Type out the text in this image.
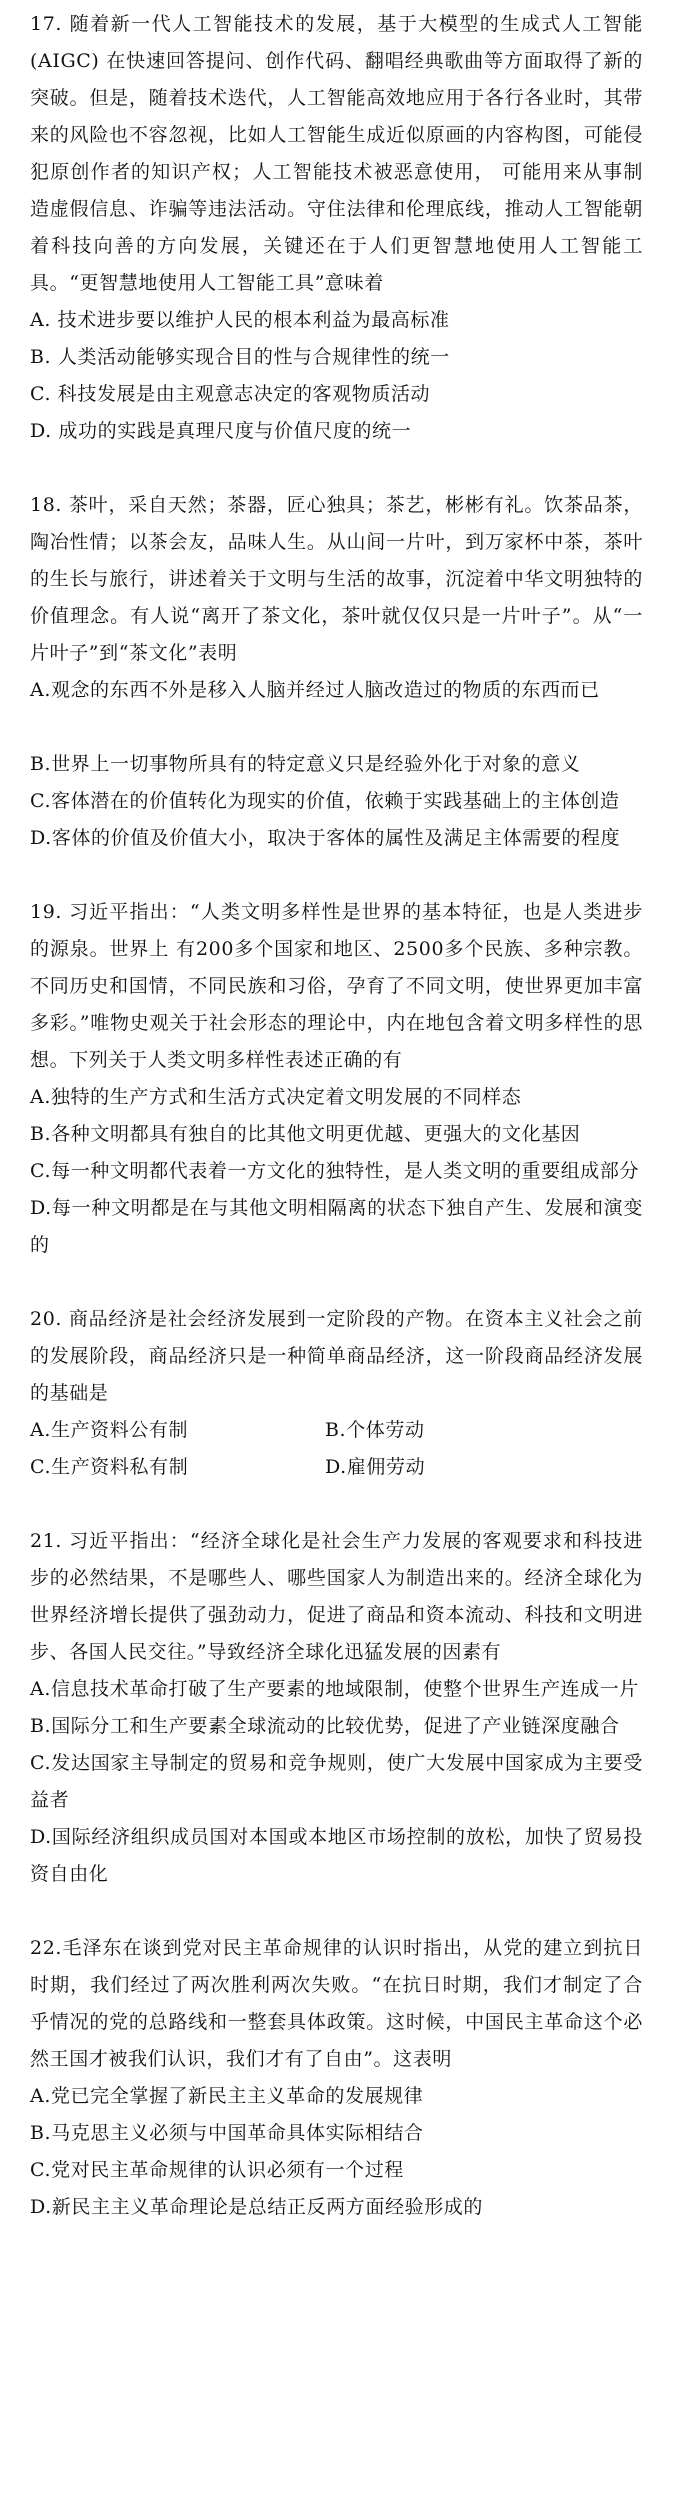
17. 随着新一代人工智能技术的发展，基于大模型的生成式人工智能(AIGC) 在快速回答提问、创作代码、翻唱经典歌曲等方面取得了新的突破。但是，随着技术迭代，人工智能高效地应用于各行各业时，其带来的风险也不容忽视，比如人工智能生成近似原画的内容构图，可能侵犯原创作者的知识产权；人工智能技术被恶意使用， 可能用来从事制造虚假信息、诈骗等违法活动。守住法律和伦理底线，推动人工智能朝着科技向善的方向发展，关键还在于人们更智慧地使用人工智能工具。“更智慧地使用人工智能工具”意味着

A. 技术进步要以维护人民的根本利益为最高标准

B. 人类活动能够实现合目的性与合规律性的统一

C. 科技发展是由主观意志决定的客观物质活动

D. 成功的实践是真理尺度与价值尺度的统一

18. 茶叶，采自天然；茶器，匠心独具；茶艺，彬彬有礼。饮茶品茶，陶冶性情；以茶会友，品味人生。从山间一片叶，到万家杯中茶，茶叶的生长与旅行，讲述着关于文明与生活的故事，沉淀着中华文明独特的价值理念。有人说“离开了茶文化，茶叶就仅仅只是一片叶子”。从“一片叶子”到“茶文化”表明

A.观念的东西不外是移入人脑并经过人脑改造过的物质的东西而已

B.世界上一切事物所具有的特定意义只是经验外化于对象的意义

C.客体潜在的价值转化为现实的价值，依赖于实践基础上的主体创造

D.客体的价值及价值大小，取决于客体的属性及满足主体需要的程度

19. 习近平指出：“人类文明多样性是世界的基本特征，也是人类进步的源泉。世界上 有200多个国家和地区、2500多个民族、多种宗教。不同历史和国情，不同民族和习俗，孕育了不同文明，使世界更加丰富多彩。”唯物史观关于社会形态的理论中，内在地包含着文明多样性的思想。下列关于人类文明多样性表述正确的有

A.独特的生产方式和生活方式决定着文明发展的不同样态

B.各种文明都具有独自的比其他文明更优越、更强大的文化基因

C.每一种文明都代表着一方文化的独特性，是人类文明的重要组成部分

D.每一种文明都是在与其他文明相隔离的状态下独自产生、发展和演变的

20. 商品经济是社会经济发展到一定阶段的产物。在资本主义社会之前的发展阶段，商品经济只是一种简单商品经济，这一阶段商品经济发展的基础是

A.生产资料公有制	B.个体劳动

C.生产资料私有制	D.雇佣劳动

21. 习近平指出：“经济全球化是社会生产力发展的客观要求和科技进步的必然结果，不是哪些人、哪些国家人为制造出来的。经济全球化为世界经济增长提供了强劲动力，促进了商品和资本流动、科技和文明进步、各国人民交往。”导致经济全球化迅猛发展的因素有

A.信息技术革命打破了生产要素的地域限制，使整个世界生产连成一片

B.国际分工和生产要素全球流动的比较优势，促进了产业链深度融合

C.发达国家主导制定的贸易和竞争规则，使广大发展中国家成为主要受益者

D.国际经济组织成员国对本国或本地区市场控制的放松，加快了贸易投资自由化

22.毛泽东在谈到党对民主革命规律的认识时指出，从党的建立到抗日时期，我们经过了两次胜利两次失败。“在抗日时期，我们才制定了合乎情况的党的总路线和一整套具体政策。这时候，中国民主革命这个必然王国才被我们认识，我们才有了自由”。这表明

A.党已完全掌握了新民主主义革命的发展规律

B.马克思主义必须与中国革命具体实际相结合

C.党对民主革命规律的认识必须有一个过程

D.新民主主义革命理论是总结正反两方面经验形成的
